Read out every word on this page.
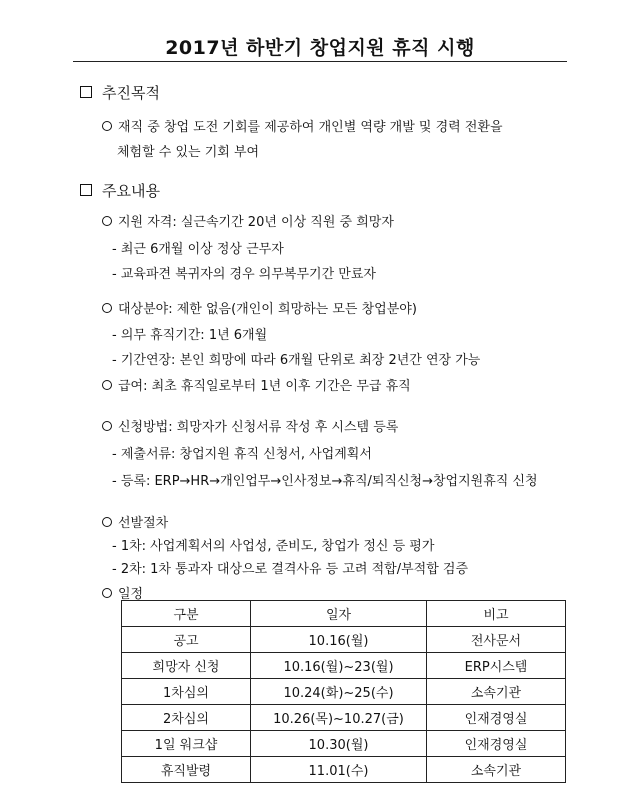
2017년 하반기 창업지원 휴직 시행
추진목적
재직 중 창업 도전 기회를 제공하여 개인별 역량 개발 및 경력 전환을
체험할 수 있는 기회 부여
주요내용
지원 자격: 실근속기간 20년 이상 직원 중 희망자
- 최근 6개월 이상 정상 근무자
- 교육파견 복귀자의 경우 의무복무기간 만료자
대상분야: 제한 없음(개인이 희망하는 모든 창업분야)
- 의무 휴직기간: 1년 6개월
- 기간연장: 본인 희망에 따라 6개월 단위로 최장 2년간 연장 가능
급여: 최초 휴직일로부터 1년 이후 기간은 무급 휴직
신청방법: 희망자가 신청서류 작성 후 시스템 등록
- 제출서류: 창업지원 휴직 신청서, 사업계획서
- 등록: ERP→HR→개인업무→인사정보→휴직/퇴직신청→창업지원휴직 신청
선발절차
- 1차: 사업계획서의 사업성, 준비도, 창업가 정신 등 평가
- 2차: 1차 통과자 대상으로 결격사유 등 고려 적합/부적합 검증
일정
구분	일자	비고
공고	10.16(월)	전사문서
희망자 신청	10.16(월)~23(월)	ERP시스템
1차심의	10.24(화)~25(수)	소속기관
2차심의	10.26(목)~10.27(금)	인재경영실
1일 워크샵	10.30(월)	인재경영실
휴직발령	11.01(수)	소속기관
